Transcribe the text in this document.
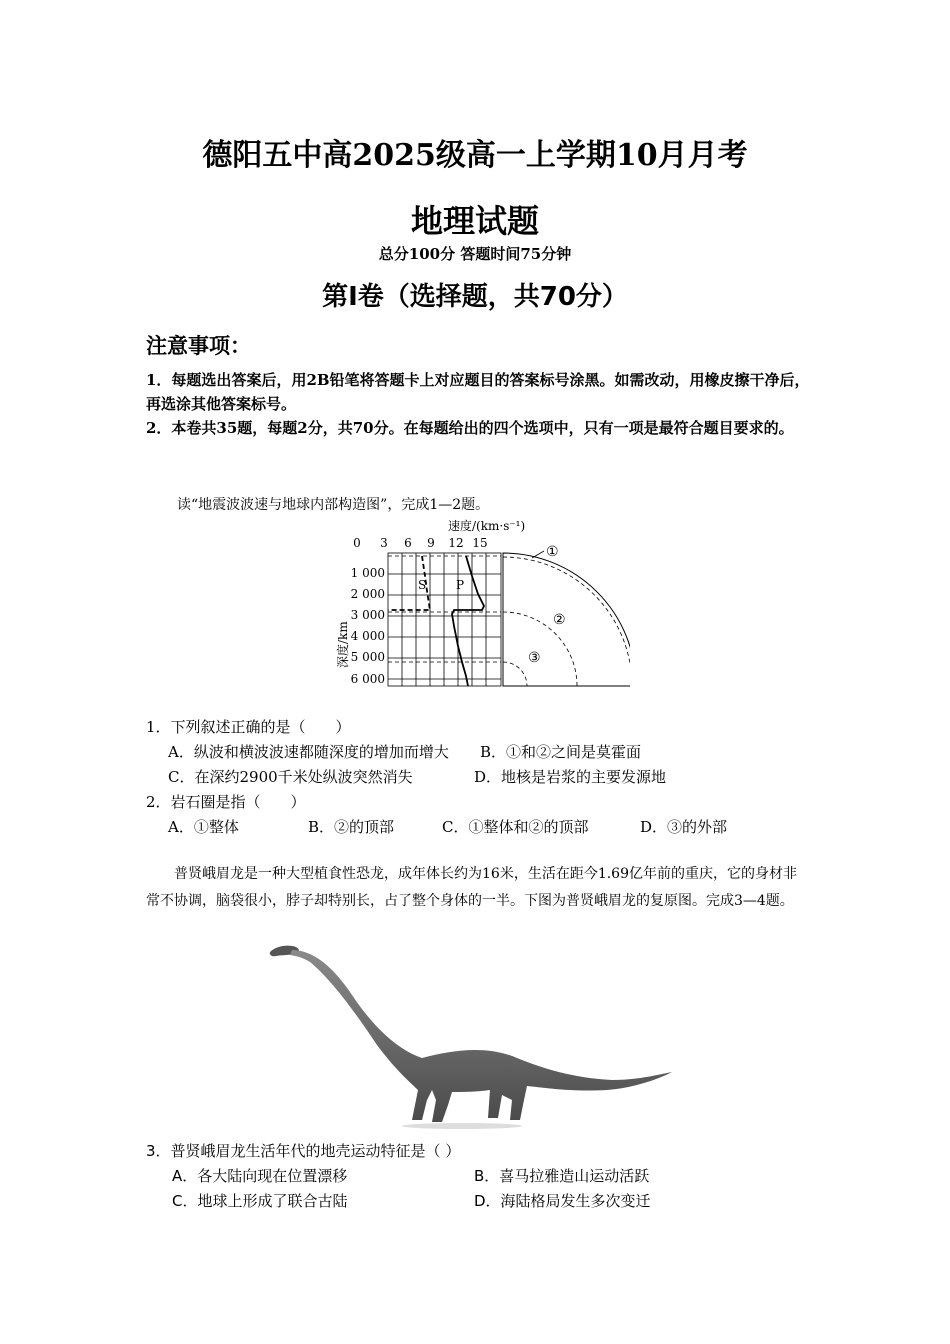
德阳五中高2025级高一上学期10月月考
地理试题
总分100分 答题时间75分钟
第Ⅰ卷（选择题，共70分）
注意事项：
1．每题选出答案后，用2B铅笔将答题卡上对应题目的答案标号涂黑。如需改动，用橡皮擦干净后，再选涂其他答案标号。
2．本卷共35题，每题2分，共70分。在每题给出的四个选项中，只有一项是最符合题目要求的。
读“地震波波速与地球内部构造图”，完成1—2题。
速度/(km·s⁻¹)
0 3 6 9 12 15
1 000
2 000
3 000
4 000
5 000
6 000
深度/km
S P
①
②
③
1．下列叙述正确的是（　　）
A．纵波和横波波速都随深度的增加而增大 B．①和②之间是莫霍面
C．在深约2900千米处纵波突然消失	D．地核是岩浆的主要发源地
2．岩石圈是指（　　）
A．①整体	B．②的顶部	C．①整体和②的顶部	D．③的外部
普贤峨眉龙是一种大型植食性恐龙，成年体长约为16米，生活在距今1.69亿年前的重庆，它的身材非常不协调，脑袋很小，脖子却特别长，占了整个身体的一半。下图为普贤峨眉龙的复原图。完成3—4题。
3．普贤峨眉龙生活年代的地壳运动特征是（ ）
A．各大陆向现在位置漂移	B．喜马拉雅造山运动活跃
C．地球上形成了联合古陆	D．海陆格局发生多次变迁
